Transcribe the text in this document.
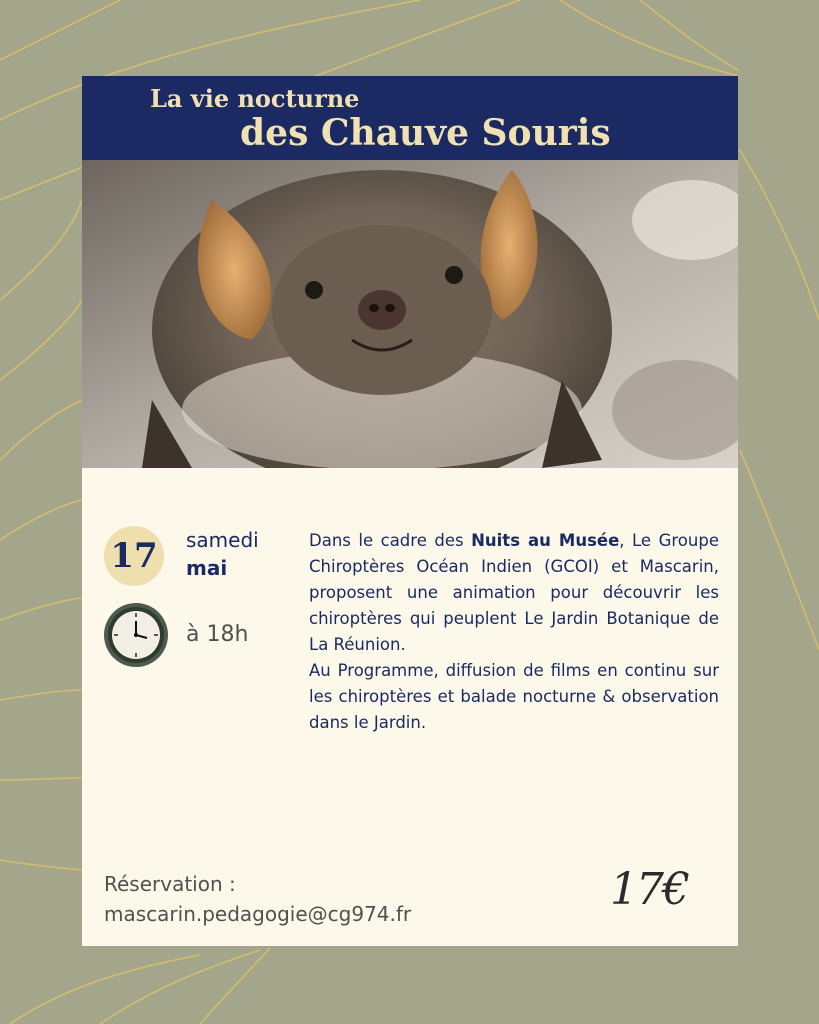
La vie nocturne
des Chauve Souris
17	samedi
mai
à 18h

Dans le cadre des Nuits au Musée, Le Groupe Chiroptères Océan Indien (GCOI) et Mascarin, proposent une animation pour découvrir les chiroptères qui peuplent Le Jardin Botanique de La Réunion.

Au Programme, diffusion de films en continu sur les chiroptères et balade nocturne & observation dans le Jardin.

Réservation :
mascarin.pedagogie@cg974.fr	17€
